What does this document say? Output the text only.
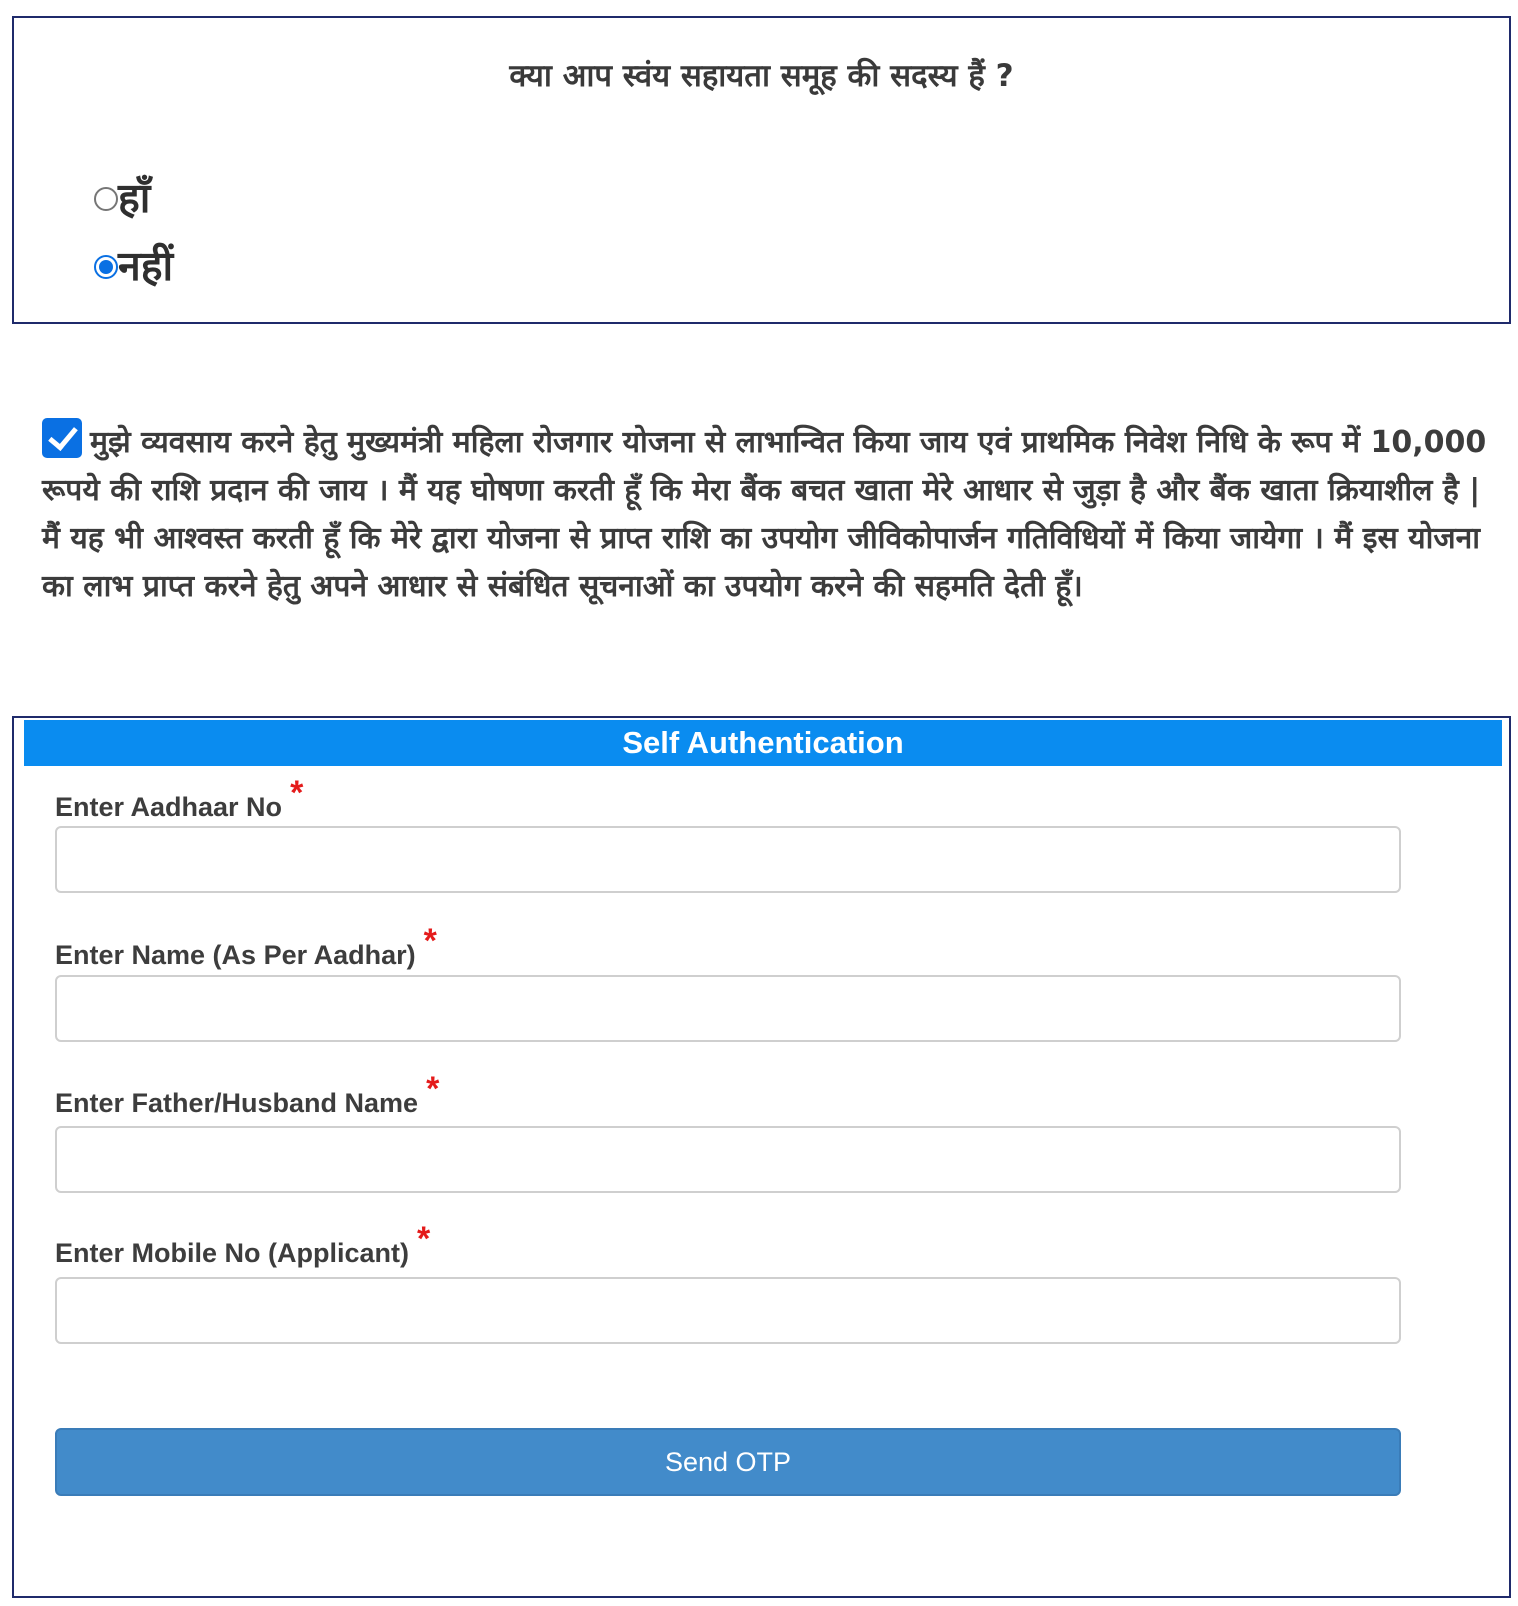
क्या आप स्वंय सहायता समूह की सदस्य हैं ?
हाँ
नहीं
मुझे व्यवसाय करने हेतु मुख्यमंत्री महिला रोजगार योजना से लाभान्वित किया जाय एवं प्राथमिक निवेश निधि के रूप में 10,000 रूपये की राशि प्रदान की जाय । मैं यह घोषणा करती हूँ कि मेरा बैंक बचत खाता मेरे आधार से जुड़ा है और बैंक खाता क्रियाशील है | मैं यह भी आश्वस्त करती हूँ कि मेरे द्वारा योजना से प्राप्त राशि का उपयोग जीविकोपार्जन गतिविधियों में किया जायेगा । मैं इस योजना का लाभ प्राप्त करने हेतु अपने आधार से संबंधित सूचनाओं का उपयोग करने की सहमति देती हूँ।
Self Authentication
Enter Aadhaar No *
Enter Name (As Per Aadhar) *
Enter Father/Husband Name *
Enter Mobile No (Applicant) *
Send OTP
